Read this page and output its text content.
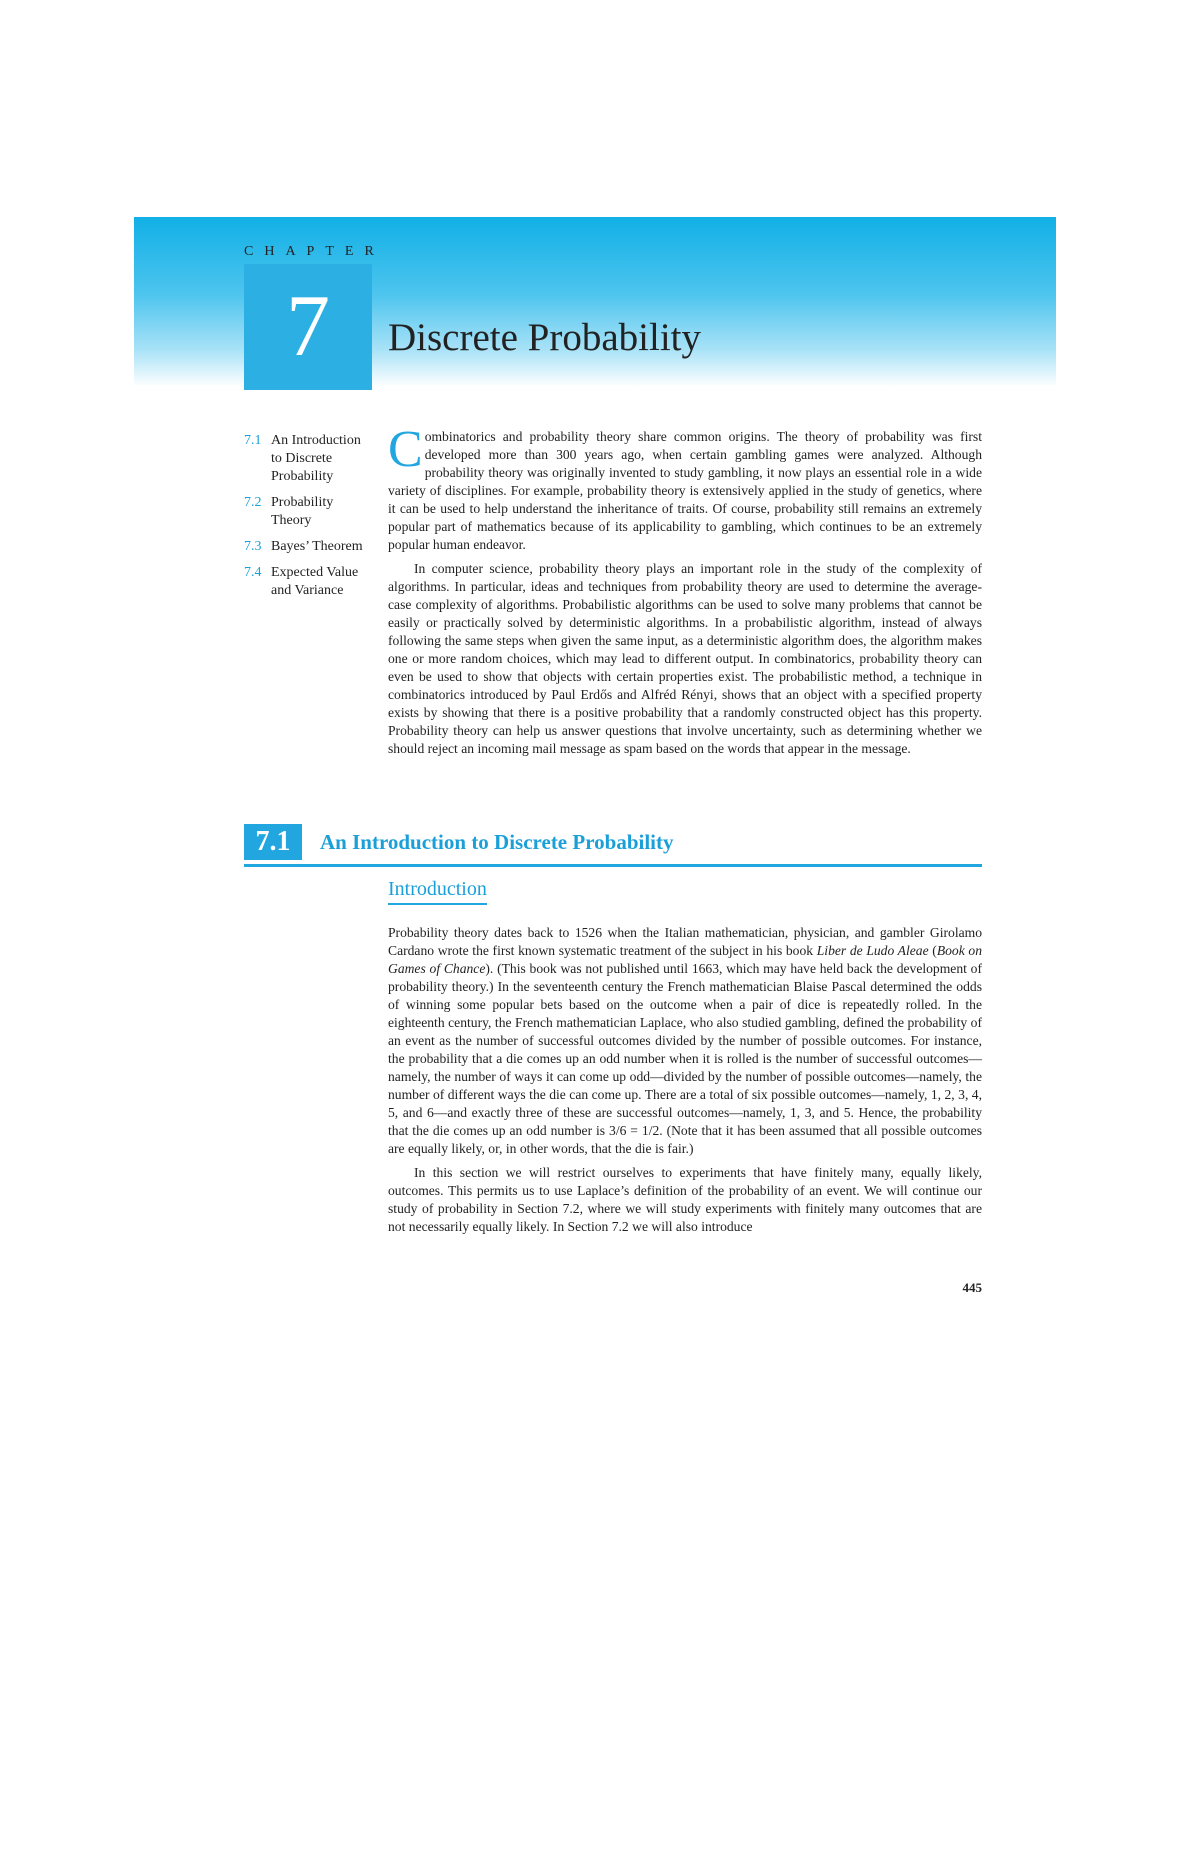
CHAPTER
7	Discrete Probability
7.1 An Introduction to Discrete Probability
7.2 Probability Theory
7.3 Bayes’ Theorem
7.4 Expected Value and Variance

Combinatorics and probability theory share common origins. The theory of probability was first developed more than 300 years ago, when certain gambling games were analyzed. Although probability theory was originally invented to study gambling, it now plays an essential role in a wide variety of disciplines. For example, probability theory is extensively applied in the study of genetics, where it can be used to help understand the inheritance of traits. Of course, probability still remains an extremely popular part of mathematics because of its applicability to gambling, which continues to be an extremely popular human endeavor.

In computer science, probability theory plays an important role in the study of the complexity of algorithms. In particular, ideas and techniques from probability theory are used to determine the average-case complexity of algorithms. Probabilistic algorithms can be used to solve many problems that cannot be easily or practically solved by deterministic algorithms. In a probabilistic algorithm, instead of always following the same steps when given the same input, as a deterministic algorithm does, the algorithm makes one or more random choices, which may lead to different output. In combinatorics, probability theory can even be used to show that objects with certain properties exist. The probabilistic method, a technique in combinatorics introduced by Paul Erdős and Alfréd Rényi, shows that an object with a specified property exists by showing that there is a positive probability that a randomly constructed object has this property. Probability theory can help us answer questions that involve uncertainty, such as determining whether we should reject an incoming mail message as spam based on the words that appear in the message.

7.1	An Introduction to Discrete Probability
Introduction

Probability theory dates back to 1526 when the Italian mathematician, physician, and gambler Girolamo Cardano wrote the first known systematic treatment of the subject in his book Liber de Ludo Aleae (Book on Games of Chance). (This book was not published until 1663, which may have held back the development of probability theory.) In the seventeenth century the French mathematician Blaise Pascal determined the odds of winning some popular bets based on the outcome when a pair of dice is repeatedly rolled. In the eighteenth century, the French mathematician Laplace, who also studied gambling, defined the probability of an event as the number of successful outcomes divided by the number of possible outcomes. For instance, the probability that a die comes up an odd number when it is rolled is the number of successful outcomes—namely, the number of ways it can come up odd—divided by the number of possible outcomes—namely, the number of different ways the die can come up. There are a total of six possible outcomes—namely, 1, 2, 3, 4, 5, and 6—and exactly three of these are successful outcomes—namely, 1, 3, and 5. Hence, the probability that the die comes up an odd number is 3/6 = 1/2. (Note that it has been assumed that all possible outcomes are equally likely, or, in other words, that the die is fair.)

In this section we will restrict ourselves to experiments that have finitely many, equally likely, outcomes. This permits us to use Laplace’s definition of the probability of an event. We will continue our study of probability in Section 7.2, where we will study experiments with finitely many outcomes that are not necessarily equally likely. In Section 7.2 we will also introduce

445
